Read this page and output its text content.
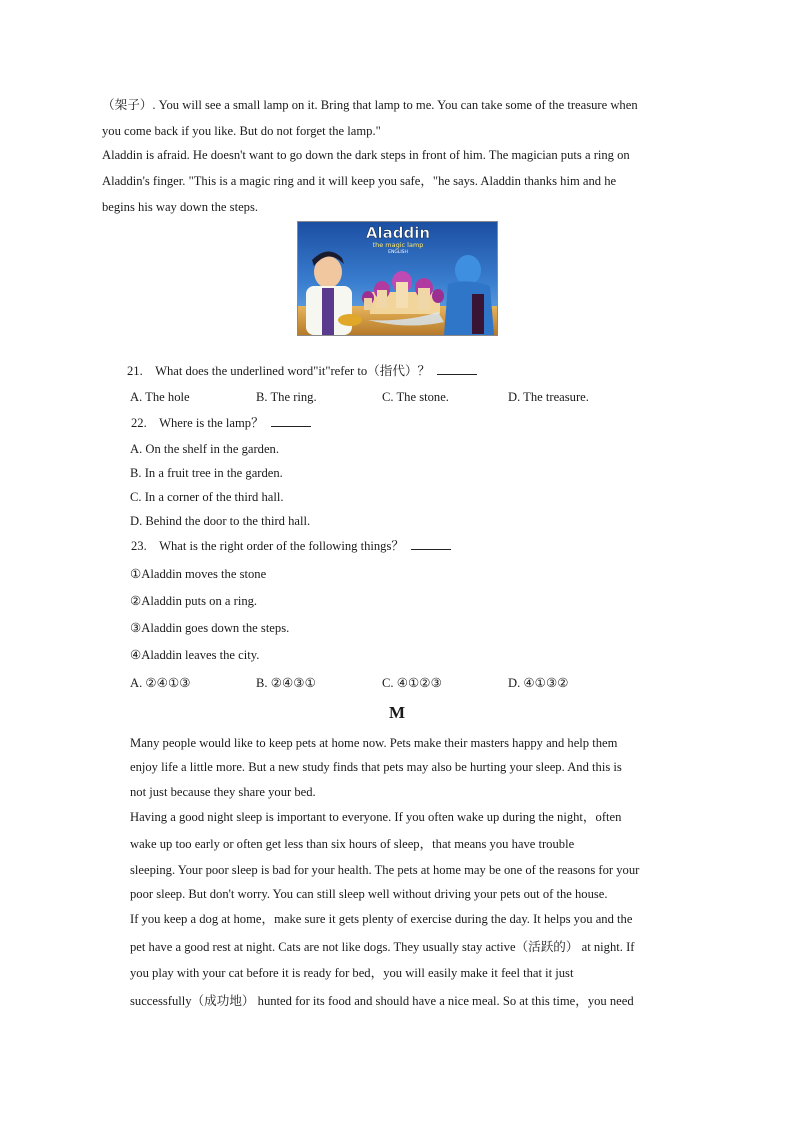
（架子）. You will see a small lamp on it. Bring that lamp to me. You can take some of the treasure when
you come back if you like. But do not forget the lamp."
Aladdin is afraid. He doesn't want to go down the dark steps in front of him. The magician puts a ring on
Aladdin's finger. "This is a magic ring and it will keep you safe，"he says. Aladdin thanks him and he
begins his way down the steps.
Aladdin
the magic lamp
ENGLISH
21. What does the underlined word"it"refer to（指代）？
A. The hole	B. The ring.	C. The stone.	D. The treasure.
22. Where is the lamp？
A. On the shelf in the garden.
B. In a fruit tree in the garden.
C. In a corner of the third hall.
D. Behind the door to the third hall.
23. What is the right order of the following things？
①Aladdin moves the stone
②Aladdin puts on a ring.
③Aladdin goes down the steps.
④Aladdin leaves the city.
A. ②④①③	B. ②④③①	C. ④①②③	D. ④①③②
M
Many people would like to keep pets at home now. Pets make their masters happy and help them
enjoy life a little more. But a new study finds that pets may also be hurting your sleep. And this is
not just because they share your bed.
Having a good night sleep is important to everyone. If you often wake up during the night，often
wake up too early or often get less than six hours of sleep，that means you have trouble
sleeping. Your poor sleep is bad for your health. The pets at home may be one of the reasons for your
poor sleep. But don't worry. You can still sleep well without driving your pets out of the house.
If you keep a dog at home，make sure it gets plenty of exercise during the day. It helps you and the
pet have a good rest at night. Cats are not like dogs. They usually stay active（活跃的） at night. If
you play with your cat before it is ready for bed，you will easily make it feel that it just
successfully（成功地） hunted for its food and should have a nice meal. So at this time，you need
